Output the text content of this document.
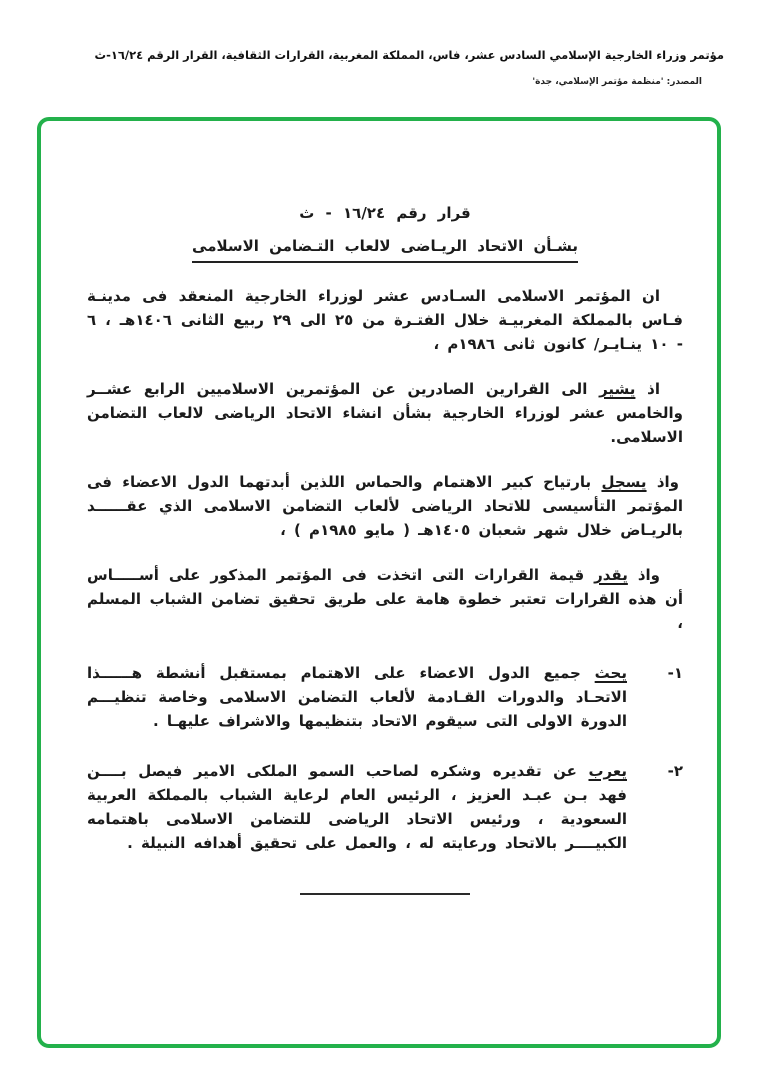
مؤتمر وزراء الخارجية الإسلامي السادس عشر، فاس، المملكة المغربية، القرارات الثقافية، القرار الرقم ١٦/٢٤-ث
المصدر: 'منظمة مؤتمر الإسلامي، جدة'
قرار رقم ١٦/٢٤ - ث
بشـأن الاتحاد الريـاضى لالعاب التـضامن الاسلامى

ان المؤتمر الاسلامى السـادس عشر لوزراء الخارجية المنعقد فى مدينـة فـاس بالمملكة المغربيـة خلال الفتـرة من ٢٥ الى ٢٩ ربيع الثانى ١٤٠٦هـ ، ٦ - ١٠ ينـايـر/ كانون ثانى ١٩٨٦م ،

اذ يشير الى القرارين الصادرين عن المؤتمرين الاسلاميين الرابع عشــر والخامس عشر لوزراء الخارجية بشأن انشاء الاتحاد الرياضى لالعاب التضامن الاسلامى.

واذ يسجل بارتياح كبير الاهتمام والحماس اللذين أبدتهما الدول الاعضاء فى المؤتمر التأسيسى للاتحاد الرياضى لألعاب التضامن الاسلامى الذي عقــــــد بالريـاض خلال شهر شعبان ١٤٠٥هـ ( مايو ١٩٨٥م ) ،

واذ يقدر قيمة القرارات التى اتخذت فى المؤتمر المذكور على أســـــاس أن هذه القرارات تعتبر خطوة هامة على طريق تحقيق تضامن الشباب المسلم ،

١-
يحث جميع الدول الاعضاء على الاهتمام بمستقبل أنشطة هــــــذا الاتحـاد والدورات القـادمة لألعاب التضامن الاسلامى وخاصة تنظيـــم الدورة الاولى التى سيقوم الاتحاد بتنظيمها والاشراف عليهـا .
٢-
يعرب عن تقديره وشكره لصاحب السمو الملكى الامير فيصل بــــن فهد بـن عبـد العزيز ، الرئيس العام لرعاية الشباب بالمملكة العربية السعودية ، ورئيس الاتحاد الرياضى للتضامن الاسلامى باهتمامه الكبيــــر بالاتحاد ورعايته له ، والعمل على تحقيق أهدافه النبيلة .
